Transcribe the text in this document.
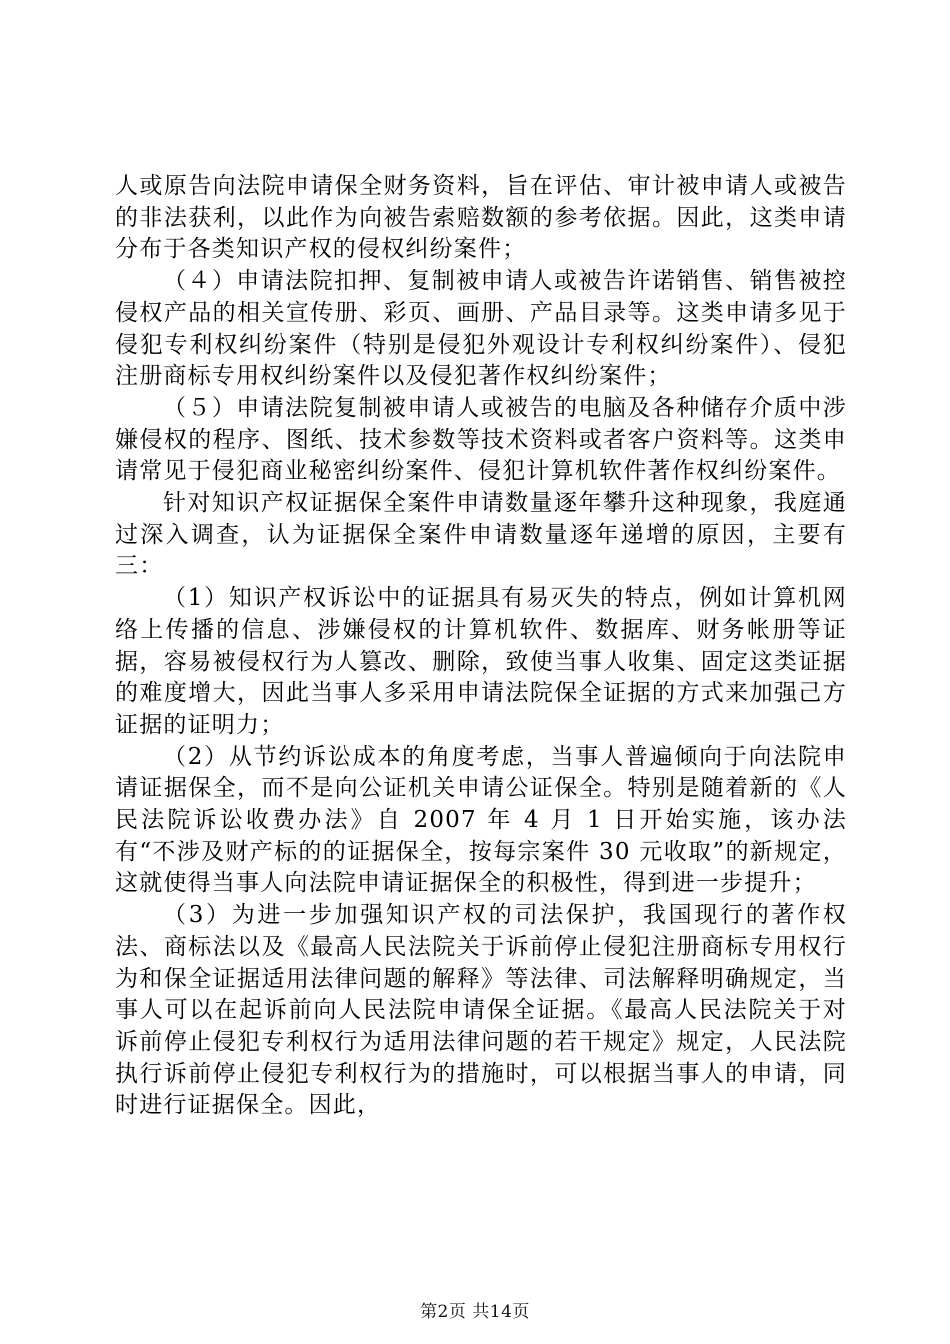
人或原告向法院申请保全财务资料，旨在评估、审计被申请人或被告的非法获利，以此作为向被告索赔数额的参考依据。因此，这类申请分布于各类知识产权的侵权纠纷案件；

（４）申请法院扣押、复制被申请人或被告许诺销售、销售被控侵权产品的相关宣传册、彩页、画册、产品目录等。这类申请多见于侵犯专利权纠纷案件（特别是侵犯外观设计专利权纠纷案件）、侵犯注册商标专用权纠纷案件以及侵犯著作权纠纷案件；

（５）申请法院复制被申请人或被告的电脑及各种储存介质中涉嫌侵权的程序、图纸、技术参数等技术资料或者客户资料等。这类申请常见于侵犯商业秘密纠纷案件、侵犯计算机软件著作权纠纷案件。

针对知识产权证据保全案件申请数量逐年攀升这种现象，我庭通过深入调查，认为证据保全案件申请数量逐年递增的原因，主要有三：

（1）知识产权诉讼中的证据具有易灭失的特点，例如计算机网络上传播的信息、涉嫌侵权的计算机软件、数据库、财务帐册等证据，容易被侵权行为人篡改、删除，致使当事人收集、固定这类证据的难度增大，因此当事人多采用申请法院保全证据的方式来加强己方证据的证明力；

（2）从节约诉讼成本的角度考虑，当事人普遍倾向于向法院申请证据保全，而不是向公证机关申请公证保全。特别是随着新的《人民法院诉讼收费办法》自 2007 年 4 月 1 日开始实施，该办法有“不涉及财产标的的证据保全，按每宗案件 30 元收取”的新规定，这就使得当事人向法院申请证据保全的积极性，得到进一步提升；

（3）为进一步加强知识产权的司法保护，我国现行的著作权法、商标法以及《最高人民法院关于诉前停止侵犯注册商标专用权行为和保全证据适用法律问题的解释》等法律、司法解释明确规定，当事人可以在起诉前向人民法院申请保全证据。《最高人民法院关于对诉前停止侵犯专利权行为适用法律问题的若干规定》规定，人民法院执行诉前停止侵犯专利权行为的措施时，可以根据当事人的申请，同时进行证据保全。因此，

第2页 共14页
